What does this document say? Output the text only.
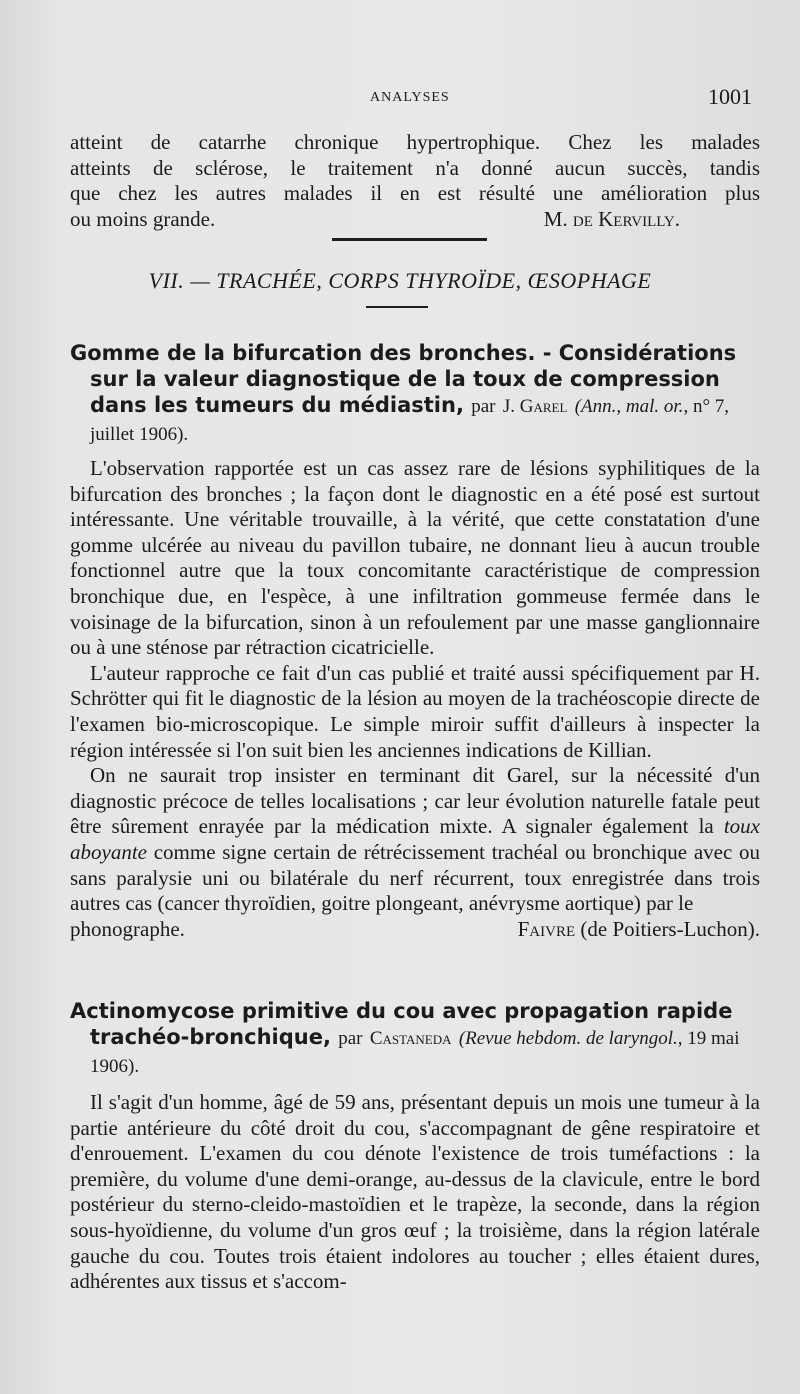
ANALYSES	1001

atteint de catarrhe chronique hypertrophique. Chez les malades

atteints de sclérose, le traitement n'a donné aucun succès, tandis

que chez les autres malades il en est résulté une amélioration plus

ou moins grande.	M. de Kervilly.
VII. — TRACHÉE, CORPS THYROÏDE, ŒSOPHAGE
Gomme de la bifurcation des bronches. - Considérations sur la valeur diagnostique de la toux de compression dans les tumeurs du médiastin, par J. Garel (Ann., mal. or., n° 7, juillet 1906).

L'observation rapportée est un cas assez rare de lésions syphilitiques de la bifurcation des bronches ; la façon dont le diagnostic en a été posé est surtout intéressante. Une véritable trouvaille, à la vérité, que cette constatation d'une gomme ulcérée au niveau du pavillon tubaire, ne donnant lieu à aucun trouble fonctionnel autre que la toux concomitante caractéristique de compression bronchique due, en l'espèce, à une infiltration gommeuse fermée dans le voisinage de la bifurcation, sinon à un refoulement par une masse ganglionnaire ou à une sténose par rétraction cicatricielle.

L'auteur rapproche ce fait d'un cas publié et traité aussi spécifiquement par H. Schrötter qui fit le diagnostic de la lésion au moyen de la trachéoscopie directe de l'examen bio-microscopique. Le simple miroir suffit d'ailleurs à inspecter la région intéressée si l'on suit bien les anciennes indications de Killian.

On ne saurait trop insister en terminant dit Garel, sur la nécessité d'un diagnostic précoce de telles localisations ; car leur évolution naturelle fatale peut être sûrement enrayée par la médication mixte. A signaler également la toux aboyante comme signe certain de rétrécissement trachéal ou bronchique avec ou sans paralysie uni ou bilatérale du nerf récurrent, toux enregistrée dans trois autres cas (cancer thyroïdien, goitre plongeant, anévrysme aortique) par le

phonographe.	Faivre (de Poitiers-Luchon).
Actinomycose primitive du cou avec propagation rapide trachéo-bronchique, par Castaneda (Revue hebdom. de laryngol., 19 mai 1906).

Il s'agit d'un homme, âgé de 59 ans, présentant depuis un mois une tumeur à la partie antérieure du côté droit du cou, s'accompagnant de gêne respiratoire et d'enrouement. L'examen du cou dénote l'existence de trois tuméfactions : la première, du volume d'une demi-orange, au-dessus de la clavicule, entre le bord postérieur du sterno-cleido-mastoïdien et le trapèze, la seconde, dans la région sous-hyoïdienne, du volume d'un gros œuf ; la troisième, dans la région latérale gauche du cou. Toutes trois étaient indolores au toucher ; elles étaient dures, adhérentes aux tissus et s'accom-
